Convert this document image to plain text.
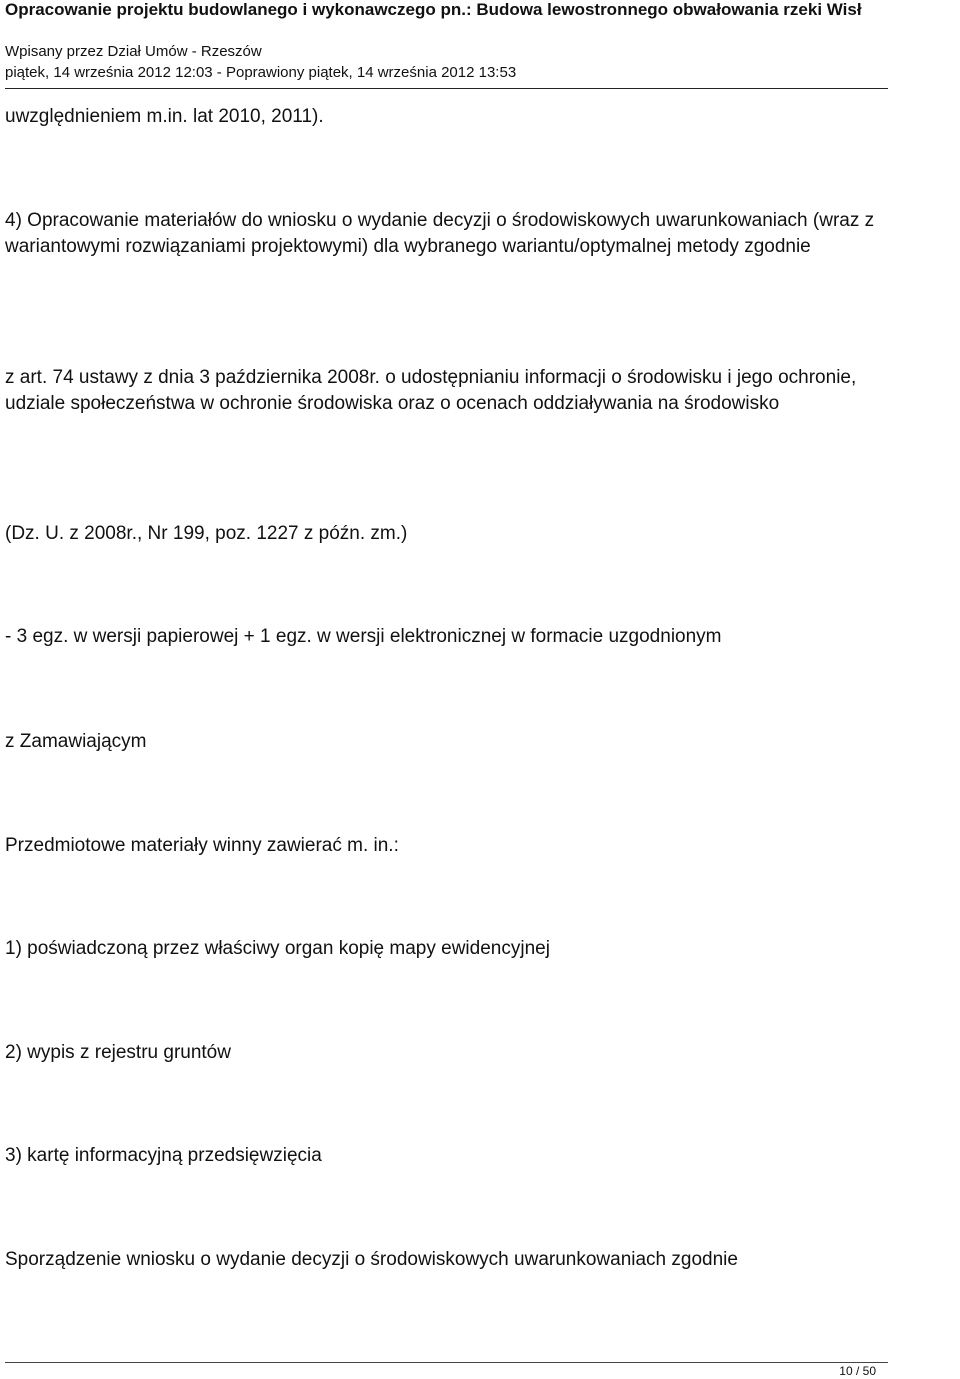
Opracowanie projektu budowlanego i wykonawczego pn.: Budowa lewostronnego obwałowania rzeki Wisł
Wpisany przez Dział Umów - Rzeszów
piątek, 14 września 2012 12:03 - Poprawiony piątek, 14 września 2012 13:53

uwzględnieniem m.in. lat 2010, 2011).

4) Opracowanie materiałów do wniosku o wydanie decyzji o środowiskowych uwarunkowaniach (wraz z wariantowymi rozwiązaniami projektowymi) dla wybranego wariantu/optymalnej metody zgodnie

z art. 74 ustawy z dnia 3 października 2008r. o udostępnianiu informacji o środowisku i jego ochronie, udziale społeczeństwa w ochronie środowiska oraz o ocenach oddziaływania na środowisko

(Dz. U. z 2008r., Nr 199, poz. 1227 z późn. zm.)

- 3 egz. w wersji papierowej + 1 egz. w wersji elektronicznej w formacie uzgodnionym

z Zamawiającym

Przedmiotowe materiały winny zawierać m. in.:

1) poświadczoną przez właściwy organ kopię mapy ewidencyjnej

2) wypis z rejestru gruntów

3) kartę informacyjną przedsięwzięcia

Sporządzenie wniosku o wydanie decyzji o środowiskowych uwarunkowaniach zgodnie

10 / 50
